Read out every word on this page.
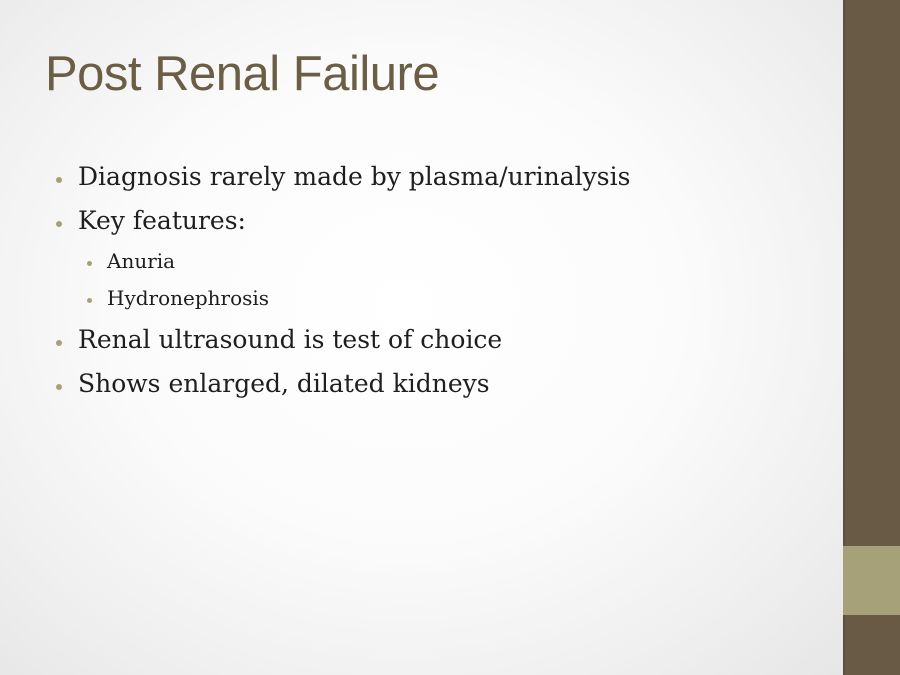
Post Renal Failure
Diagnosis rarely made by plasma/urinalysis
Key features:
Anuria
Hydronephrosis
Renal ultrasound is test of choice
Shows enlarged, dilated kidneys
